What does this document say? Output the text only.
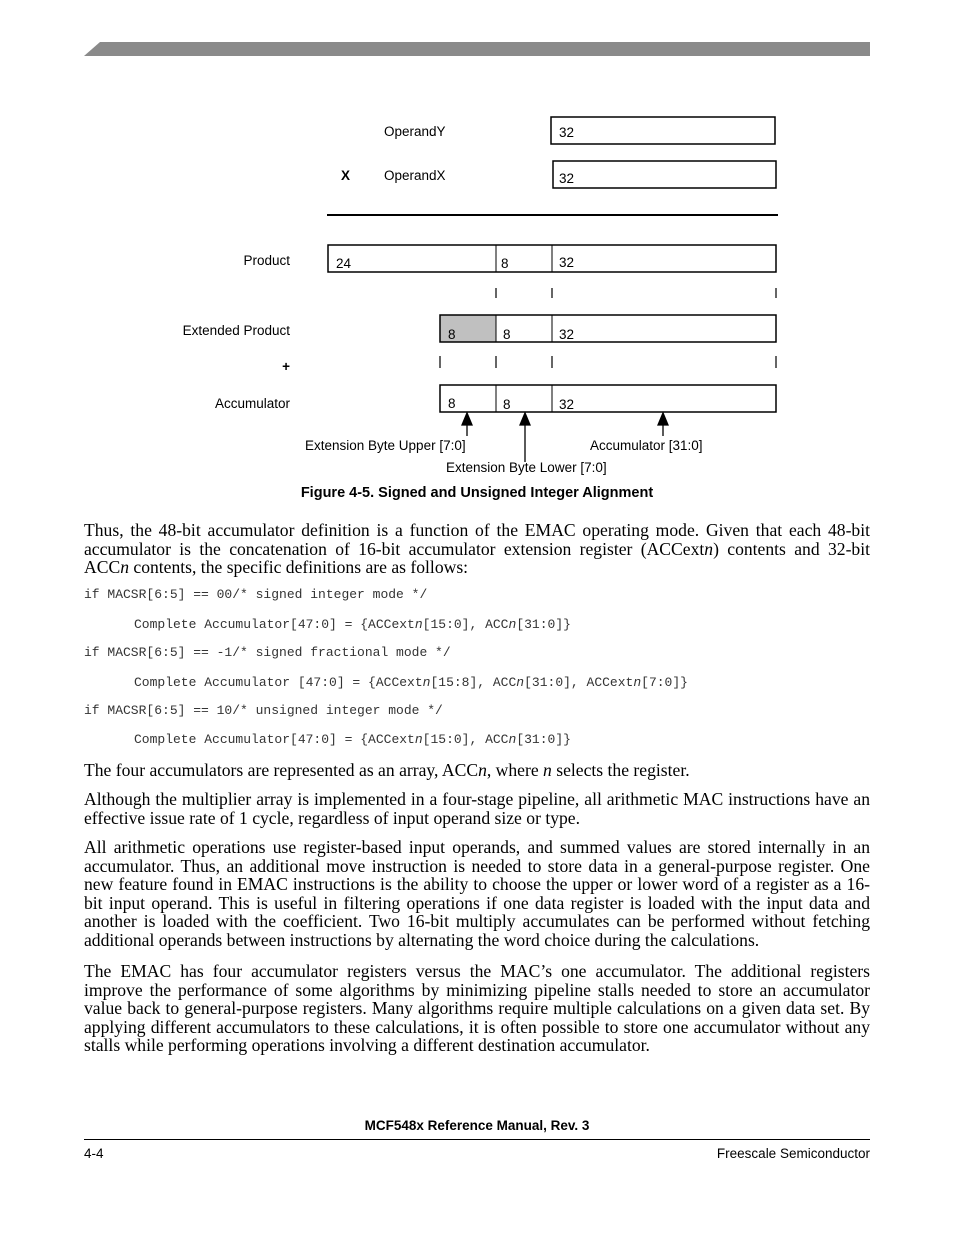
OperandY	32
X	OperandX	32
Product	24	8	32
Extended Product	8	8	32
+
Accumulator	8	8	32
Extension Byte Upper [7:0]
Extension Byte Lower [7:0]
Accumulator [31:0]
Figure 4-5. Signed and Unsigned Integer Alignment
Thus, the 48-bit accumulator definition is a function of the EMAC operating mode. Given that each 48-bit accumulator is the concatenation of 16-bit accumulator extension register (ACCextn) contents and 32-bit ACCn contents, the specific definitions are as follows:
if MACSR[6:5] == 00/* signed integer mode */
Complete Accumulator[47:0] = {ACCextn[15:0], ACCn[31:0]}
if MACSR[6:5] == -1/* signed fractional mode */
Complete Accumulator [47:0] = {ACCextn[15:8], ACCn[31:0], ACCextn[7:0]}
if MACSR[6:5] == 10/* unsigned integer mode */
Complete Accumulator[47:0] = {ACCextn[15:0], ACCn[31:0]}
The four accumulators are represented as an array, ACCn, where n selects the register.
Although the multiplier array is implemented in a four-stage pipeline, all arithmetic MAC instructions have an effective issue rate of 1 cycle, regardless of input operand size or type.
All arithmetic operations use register-based input operands, and summed values are stored internally in an accumulator. Thus, an additional move instruction is needed to store data in a general-purpose register. One new feature found in EMAC instructions is the ability to choose the upper or lower word of a register as a 16-bit input operand. This is useful in filtering operations if one data register is loaded with the input data and another is loaded with the coefficient. Two 16-bit multiply accumulates can be performed without fetching additional operands between instructions by alternating the word choice during the calculations.
The EMAC has four accumulator registers versus the MAC’s one accumulator. The additional registers improve the performance of some algorithms by minimizing pipeline stalls needed to store an accumulator value back to general-purpose registers. Many algorithms require multiple calculations on a given data set. By applying different accumulators to these calculations, it is often possible to store one accumulator without any stalls while performing operations involving a different destination accumulator.
MCF548x Reference Manual, Rev. 3
4-4	Freescale Semiconductor
